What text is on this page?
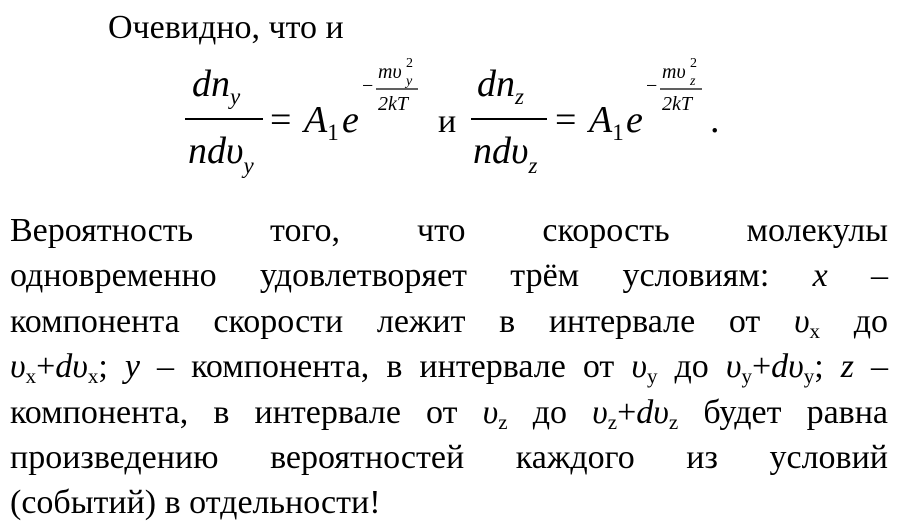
Очевидно, что и
$dn_y$
ndυ$_y$
= $A_1$ e
−
mυ 2
y
2kT и
$dn_z$
ndυ$_z$
= $A_1$ e
−
mυ 2
z
2kT .
Вероятность того, что скорость молекулы
одновременно удовлетворяет трём условиям: x –
компонента скорости лежит в интервале от $\upsilon_x$ до
$\upsilon_x+d\upsilon_x$; y – компонента, в интервале от $\upsilon_y$ до $\upsilon_y+d\upsilon_y$; z –
компонента, в интервале от $\upsilon_z$ до $\upsilon_z+d\upsilon_z$ будет равна
произведению вероятностей каждого из условий
(событий) в отдельности!
